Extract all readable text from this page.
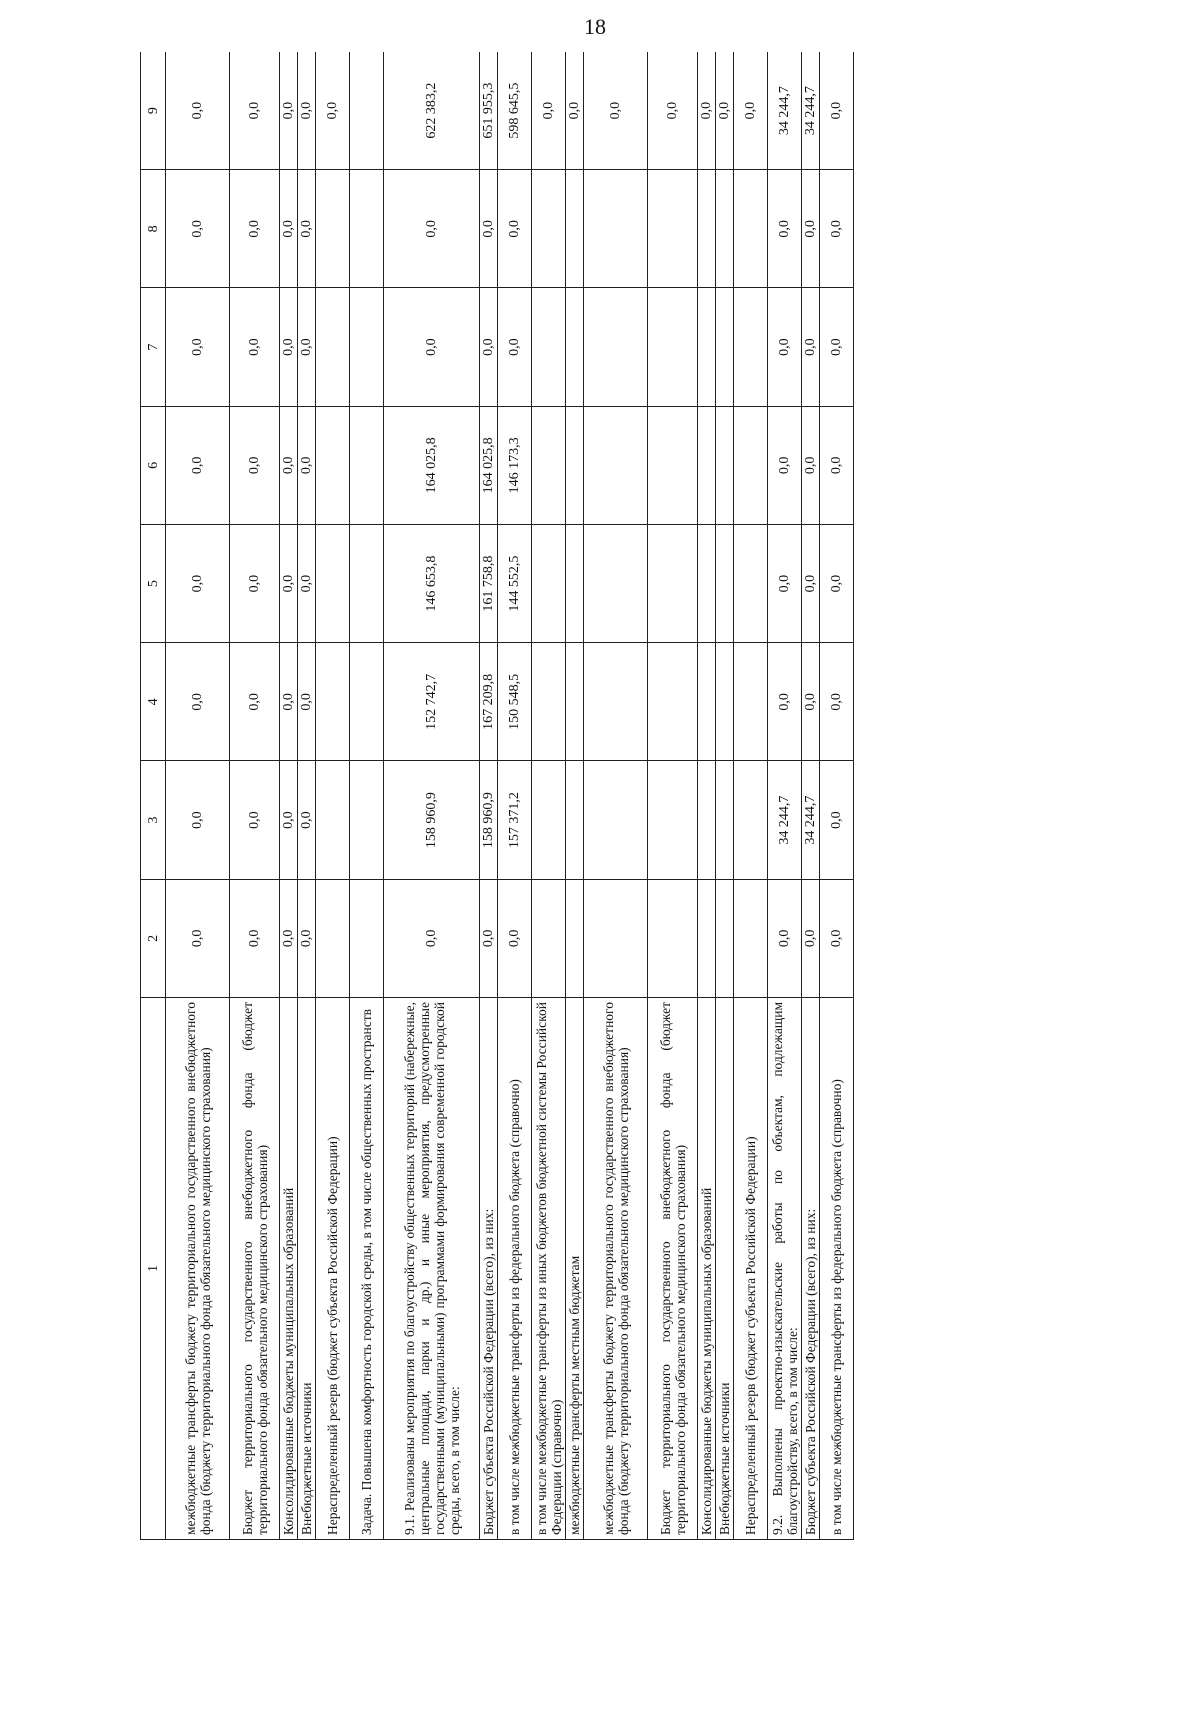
18
1	2	3	4	5	6	7	8	9
межбюджетные трансферты бюджету территориального государственного внебюджетного фонда (бюджету территориального фонда обязательного медицинского страхования)	0,0	0,0	0,0	0,0	0,0	0,0	0,0	0,0
Бюджет территориального государственного внебюджетного фонда (бюджет территориального фонда обязательного медицинского страхования)	0,0	0,0	0,0	0,0	0,0	0,0	0,0	0,0
Консолидированные бюджеты муниципальных образований	0,0	0,0	0,0	0,0	0,0	0,0	0,0	0,0
Внебюджетные источники	0,0	0,0	0,0	0,0	0,0	0,0	0,0	0,0
Нераспределенный резерв (бюджет субъекта Российской Федерации)								0,0
Задача. Повышена комфортность городской среды, в том числе общественных пространств								
9.1. Реализованы мероприятия по благоустройству общественных территорий (набережные, центральные площади, парки и др.) и иные мероприятия, предусмотренные государственными (муниципальными) программами формирования современной городской среды, всего, в том числе:	0,0	158 960,9	152 742,7	146 653,8	164 025,8	0,0	0,0	622 383,2
Бюджет субъекта Российской Федерации (всего), из них:	0,0	158 960,9	167 209,8	161 758,8	164 025,8	0,0	0,0	651 955,3
в том числе межбюджетные трансферты из федерального бюджета (справочно)	0,0	157 371,2	150 548,5	144 552,5	146 173,3	0,0	0,0	598 645,5
в том числе межбюджетные трансферты из иных бюджетов бюджетной системы Российской Федерации (справочно)								0,0
межбюджетные трансферты местным бюджетам								0,0
межбюджетные трансферты бюджету территориального государственного внебюджетного фонда (бюджету территориального фонда обязательного медицинского страхования)								0,0
Бюджет территориального государственного внебюджетного фонда (бюджет территориального фонда обязательного медицинского страхования)								0,0
Консолидированные бюджеты муниципальных образований								0,0
Внебюджетные источники								0,0
Нераспределенный резерв (бюджет субъекта Российской Федерации)								0,0
9.2. Выполнены проектно-изыскательские работы по объектам, подлежащим благоустройству, всего, в том числе:	0,0	34 244,7	0,0	0,0	0,0	0,0	0,0	34 244,7
Бюджет субъекта Российской Федерации (всего), из них:	0,0	34 244,7	0,0	0,0	0,0	0,0	0,0	34 244,7
в том числе межбюджетные трансферты из федерального бюджета (справочно)	0,0	0,0	0,0	0,0	0,0	0,0	0,0	0,0
